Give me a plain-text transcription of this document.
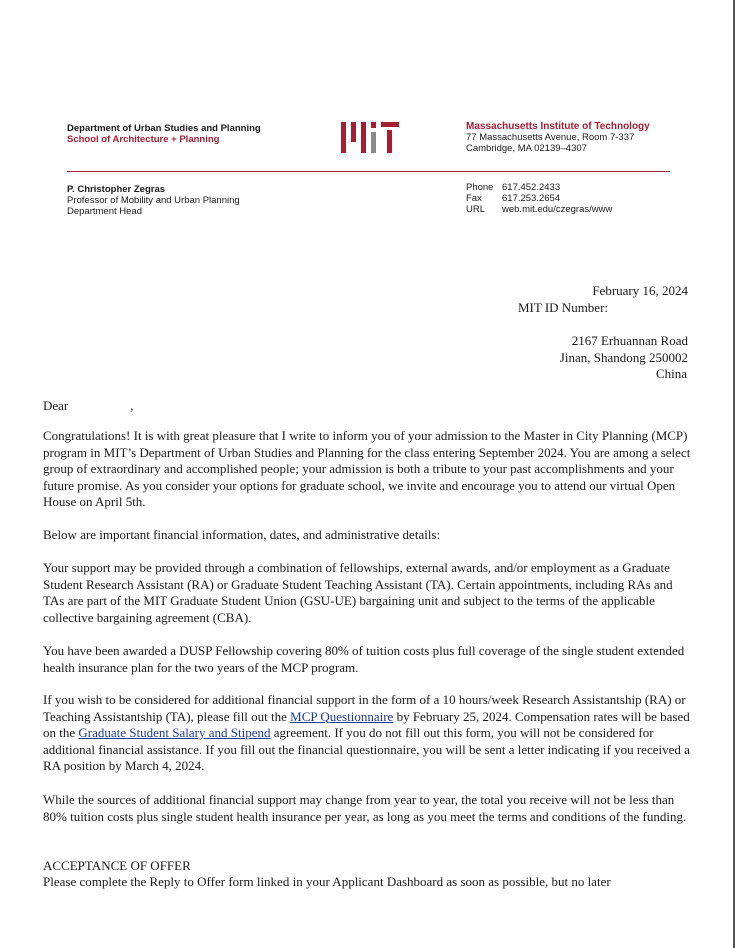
Department of Urban Studies and Planning
School of Architecture + Planning
Massachusetts Institute of Technology
77 Massachusetts Avenue, Room 7-337
Cambridge, MA 02139–4307
P. Christopher Zegras
Professor of Mobility and Urban Planning
Department Head
Phone 617.452.2433
Fax	617.253.2654
URL	web.mit.edu/czegras/www
February 16, 2024
MIT ID Number:
2167 Erhuannan Road
Jinan, Shandong 250002
China
Dear	,

Congratulations! It is with great pleasure that I write to inform you of your admission to the Master in City Planning (MCP) program in MIT’s Department of Urban Studies and Planning for the class entering September 2024. You are among a select group of extraordinary and accomplished people; your admission is both a tribute to your past accomplishments and your future promise. As you consider your options for graduate school, we invite and encourage you to attend our virtual Open House on April 5th.

Below are important financial information, dates, and administrative details:

Your support may be provided through a combination of fellowships, external awards, and/or employment as a Graduate Student Research Assistant (RA) or Graduate Student Teaching Assistant (TA). Certain appointments, including RAs and TAs are part of the MIT Graduate Student Union (GSU-UE) bargaining unit and subject to the terms of the applicable collective bargaining agreement (CBA).

You have been awarded a DUSP Fellowship covering 80% of tuition costs plus full coverage of the single student extended health insurance plan for the two years of the MCP program.

If you wish to be considered for additional financial support in the form of a 10 hours/week Research Assistantship (RA) or Teaching Assistantship (TA), please fill out the MCP Questionnaire by February 25, 2024. Compensation rates will be based on the Graduate Student Salary and Stipend agreement. If you do not fill out this form, you will not be considered for additional financial assistance. If you fill out the financial questionnaire, you will be sent a letter indicating if you received a RA position by March 4, 2024.

While the sources of additional financial support may change from year to year, the total you receive will not be less than 80% tuition costs plus single student health insurance per year, as long as you meet the terms and conditions of the funding.

ACCEPTANCE OF OFFER

Please complete the Reply to Offer form linked in your Applicant Dashboard as soon as possible, but no later
